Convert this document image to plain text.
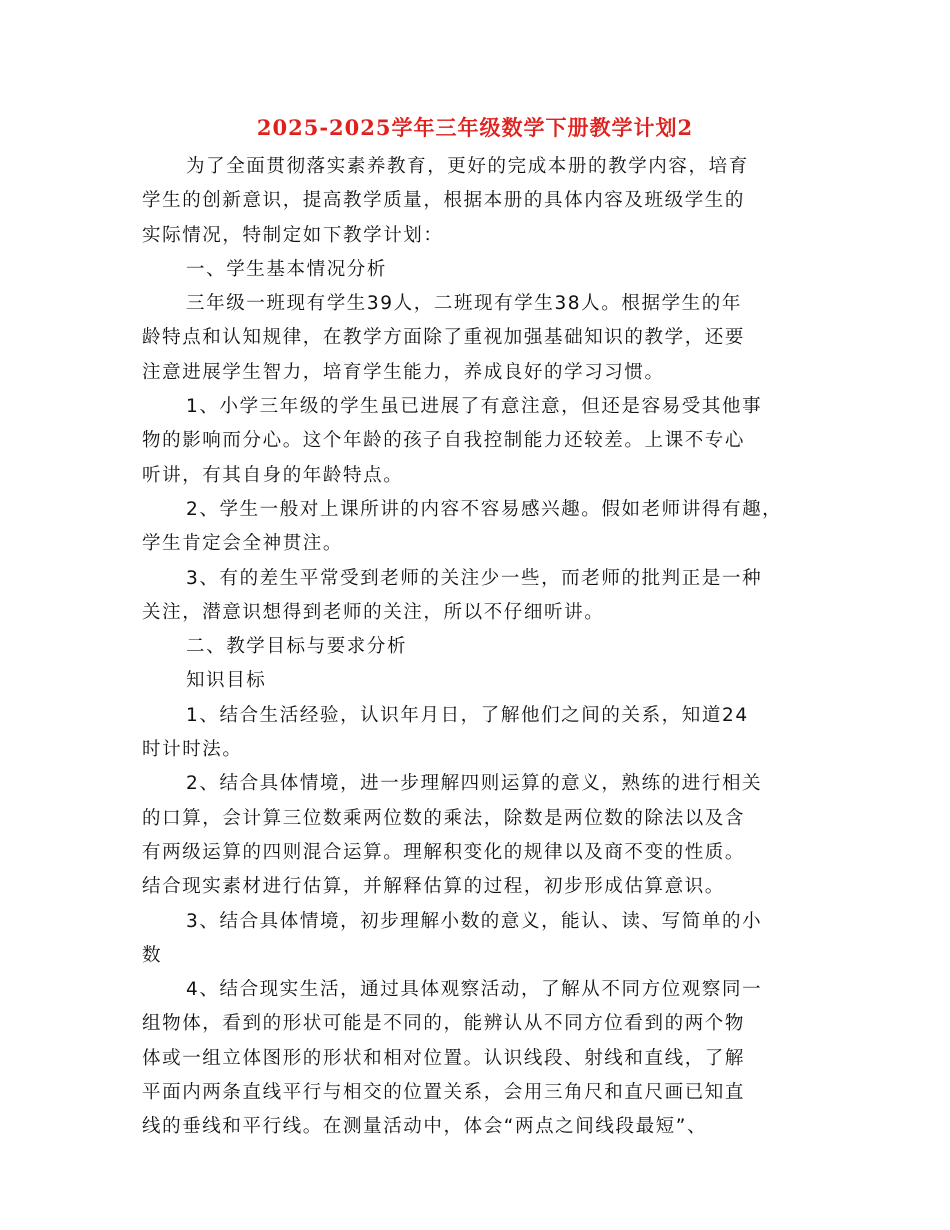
2025-2025学年三年级数学下册教学计划2
为了全面贯彻落实素养教育，更好的完成本册的教学内容，培育
学生的创新意识，提高教学质量，根据本册的具体内容及班级学生的
实际情况，特制定如下教学计划：
一、学生基本情况分析
三年级一班现有学生39人，二班现有学生38人。根据学生的年
龄特点和认知规律，在教学方面除了重视加强基础知识的教学，还要
注意进展学生智力，培育学生能力，养成良好的学习习惯。
1、小学三年级的学生虽已进展了有意注意，但还是容易受其他事
物的影响而分心。这个年龄的孩子自我控制能力还较差。上课不专心
听讲，有其自身的年龄特点。
2、学生一般对上课所讲的内容不容易感兴趣。假如老师讲得有趣，
学生肯定会全神贯注。
3、有的差生平常受到老师的关注少一些，而老师的批判正是一种
关注，潜意识想得到老师的关注，所以不仔细听讲。
二、教学目标与要求分析
知识目标
1、结合生活经验，认识年月日，了解他们之间的关系，知道24
时计时法。
2、结合具体情境，进一步理解四则运算的意义，熟练的进行相关
的口算，会计算三位数乘两位数的乘法，除数是两位数的除法以及含
有两级运算的四则混合运算。理解积变化的规律以及商不变的性质。
结合现实素材进行估算，并解释估算的过程，初步形成估算意识。
3、结合具体情境，初步理解小数的意义，能认、读、写简单的小
数
4、结合现实生活，通过具体观察活动，了解从不同方位观察同一
组物体，看到的形状可能是不同的，能辨认从不同方位看到的两个物
体或一组立体图形的形状和相对位置。认识线段、射线和直线，了解
平面内两条直线平行与相交的位置关系，会用三角尺和直尺画已知直
线的垂线和平行线。在测量活动中，体会“两点之间线段最短”、
